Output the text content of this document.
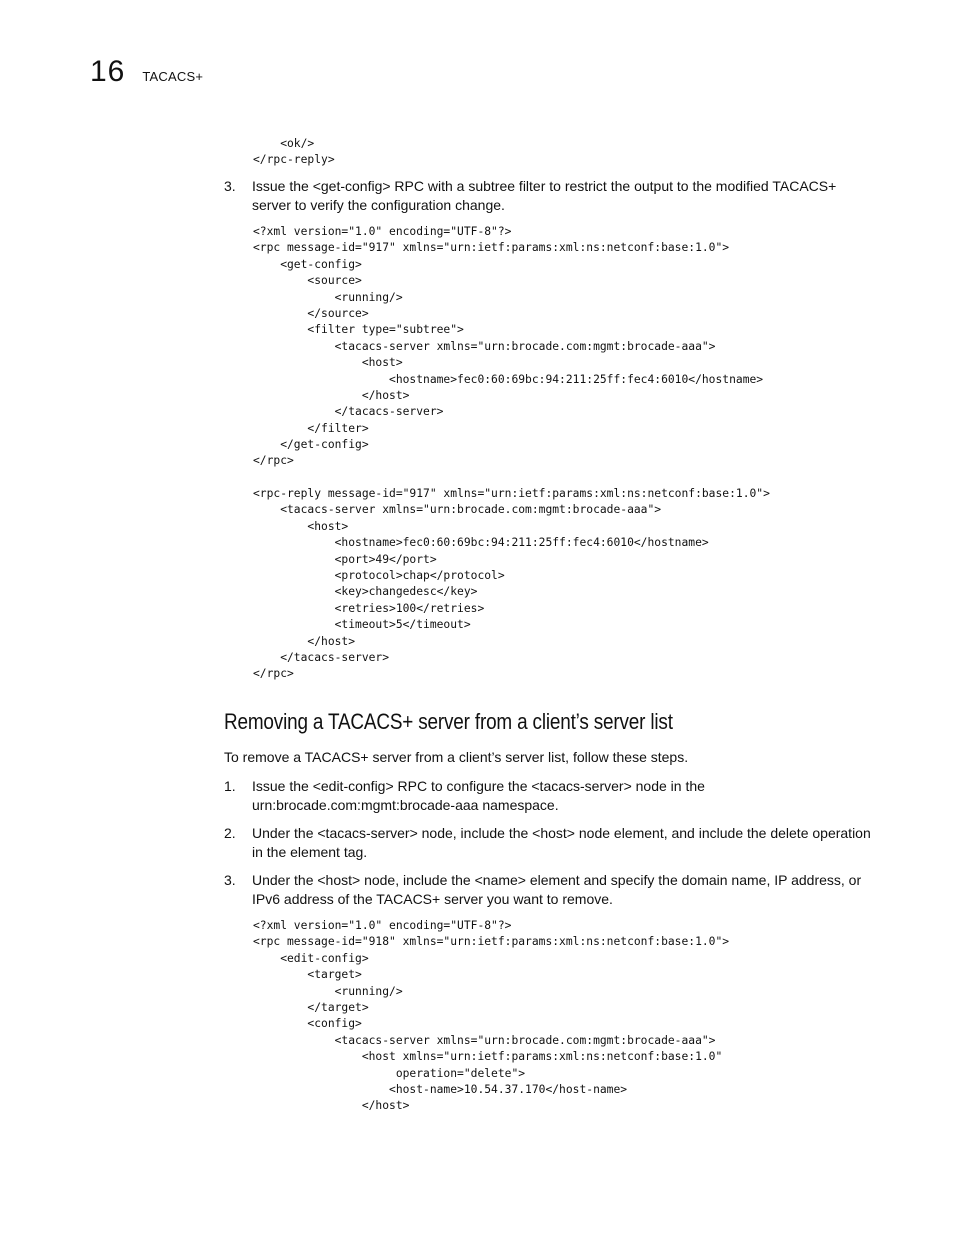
16 TACACS+
<ok/>
</rpc-reply>
3. Issue the <get-config> RPC with a subtree filter to restrict the output to the modified TACACS+ server to verify the configuration change.
<?xml version="1.0" encoding="UTF-8"?>
<rpc message-id="917" xmlns="urn:ietf:params:xml:ns:netconf:base:1.0">
<get-config>
<source>
<running/>
</source>
<filter type="subtree">
<tacacs-server xmlns="urn:brocade.com:mgmt:brocade-aaa">
<host>
<hostname>fec0:60:69bc:94:211:25ff:fec4:6010</hostname>
</host>
</tacacs-server>
</filter>
</get-config>
</rpc>
<rpc-reply message-id="917" xmlns="urn:ietf:params:xml:ns:netconf:base:1.0">
<tacacs-server xmlns="urn:brocade.com:mgmt:brocade-aaa">
<host>
<hostname>fec0:60:69bc:94:211:25ff:fec4:6010</hostname>
<port>49</port>
<protocol>chap</protocol>
<key>changedesc</key>
<retries>100</retries>
<timeout>5</timeout>
</host>
</tacacs-server>
</rpc>
Removing a TACACS+ server from a client’s server list
To remove a TACACS+ server from a client’s server list, follow these steps.
1. Issue the <edit-config> RPC to configure the <tacacs-server> node in the urn:brocade.com:mgmt:brocade-aaa namespace.
2. Under the <tacacs-server> node, include the <host> node element, and include the delete operation in the element tag.
3. Under the <host> node, include the <name> element and specify the domain name, IP address, or IPv6 address of the TACACS+ server you want to remove.
<?xml version="1.0" encoding="UTF-8"?>
<rpc message-id="918" xmlns="urn:ietf:params:xml:ns:netconf:base:1.0">
<edit-config>
<target>
<running/>
</target>
<config>
<tacacs-server xmlns="urn:brocade.com:mgmt:brocade-aaa">
<host xmlns="urn:ietf:params:xml:ns:netconf:base:1.0"
operation="delete">
<host-name>10.54.37.170</host-name>
</host>
